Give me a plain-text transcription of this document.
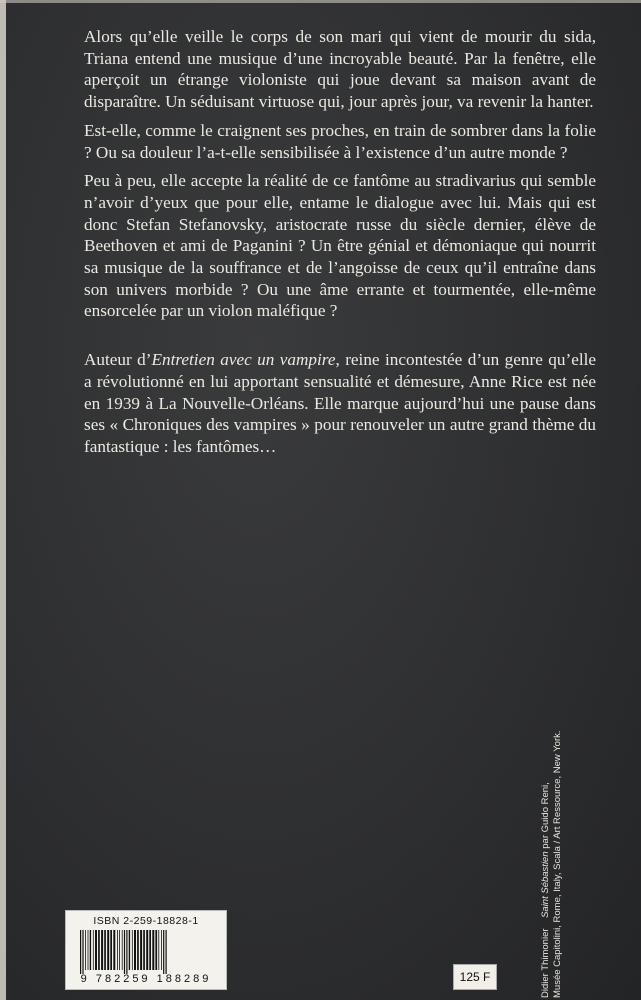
Alors qu’elle veille le corps de son mari qui vient de mourir du sida, Triana entend une musique d’une incroyable beauté. Par la fenêtre, elle aperçoit un étrange violoniste qui joue devant sa maison avant de disparaître. Un séduisant virtuose qui, jour après jour, va revenir la hanter.

Est-elle, comme le craignent ses proches, en train de sombrer dans la folie ? Ou sa douleur l’a-t-elle sensibilisée à l’existence d’un autre monde ?

Peu à peu, elle accepte la réalité de ce fantôme au stradivarius qui semble n’avoir d’yeux que pour elle, entame le dialogue avec lui. Mais qui est donc Stefan Stefanovsky, aristocrate russe du siècle dernier, élève de Beethoven et ami de Paganini ? Un être génial et démoniaque qui nourrit sa musique de la souffrance et de l’angoisse de ceux qu’il entraîne dans son univers morbide ? Ou une âme errante et tourmentée, elle-même ensorcelée par un violon maléfique ?

Auteur d’Entretien avec un vampire, reine incontestée d’un genre qu’elle a révolutionné en lui apportant sensualité et démesure, Anne Rice est née en 1939 à La Nouvelle-Orléans. Elle marque aujourd’hui une pause dans ses « Chroniques des vampires » pour renouveler un autre grand thème du fantastique : les fantômes…

ISBN 2-259-18828-1
9 782259 188289	125 F	Didier Thimonier    Saint Sébastien par Guido Reni, Musée Capitolini, Rome, Italy, Scala / Art Ressource, New York.
